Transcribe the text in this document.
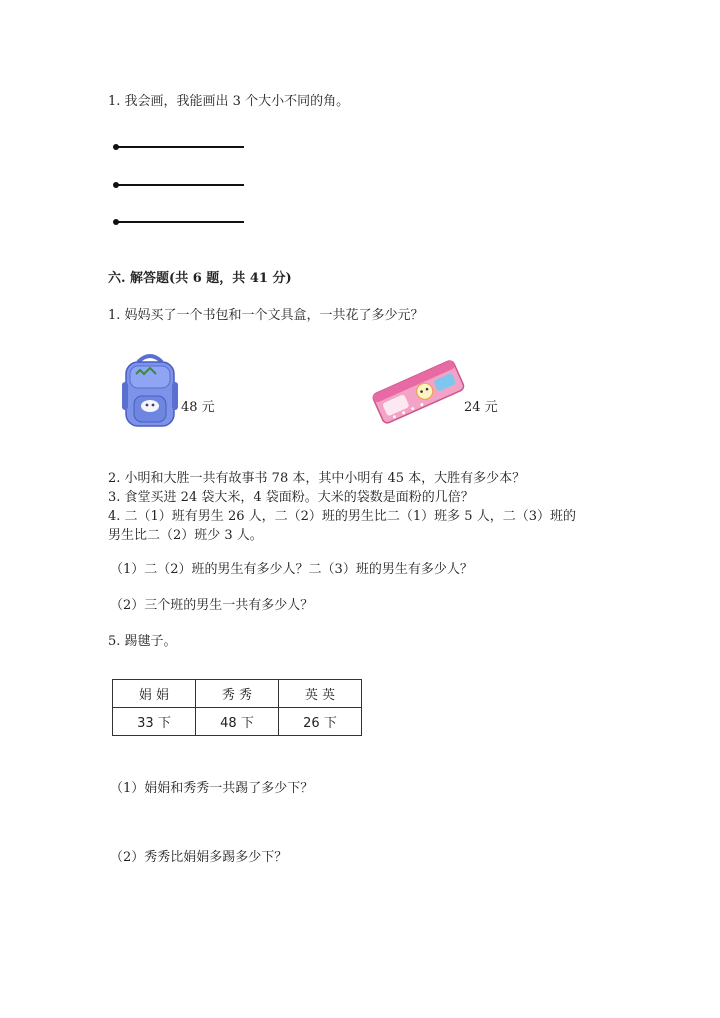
1. 我会画，我能画出 3 个大小不同的角。
六. 解答题(共 6 题，共 41 分)
1. 妈妈买了一个书包和一个文具盒，一共花了多少元？
48 元	24 元
2. 小明和大胜一共有故事书 78 本，其中小明有 45 本，大胜有多少本？
3. 食堂买进 24 袋大米，4 袋面粉。大米的袋数是面粉的几倍？
4. 二（1）班有男生 26 人，二（2）班的男生比二（1）班多 5 人，二（3）班的
男生比二（2）班少 3 人。
（1）二（2）班的男生有多少人？二（3）班的男生有多少人？
（2）三个班的男生一共有多少人？
5. 踢毽子。
娟 娟	秀 秀	英 英
33 下	48 下	26 下
（1）娟娟和秀秀一共踢了多少下？
（2）秀秀比娟娟多踢多少下？
